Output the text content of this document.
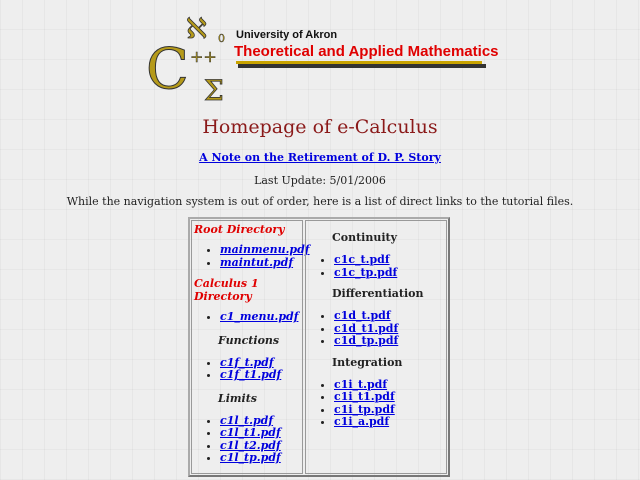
C ++
Σ
ℵ 0 University of Akron
Theoretical and Applied Mathematics
Homepage of e-Calculus
A Note on the Retirement of D. P. Story
Last Update: 5/01/2006
While the navigation system is out of order, here is a list of direct links to the tutorial files.
Root Directory
• mainmenu.pdf
• maintut.pdf
Calculus 1 Directory
• c1_menu.pdf
Functions
• c1f_t.pdf
• c1f_t1.pdf
Limits
• c1l_t.pdf
• c1l_t1.pdf
• c1l_t2.pdf
• c1l_tp.pdf
Continuity
• c1c_t.pdf
• c1c_tp.pdf
Differentiation
• c1d_t.pdf
• c1d_t1.pdf
• c1d_tp.pdf
Integration
• c1i_t.pdf
• c1i_t1.pdf
• c1i_tp.pdf
• c1i_a.pdf
